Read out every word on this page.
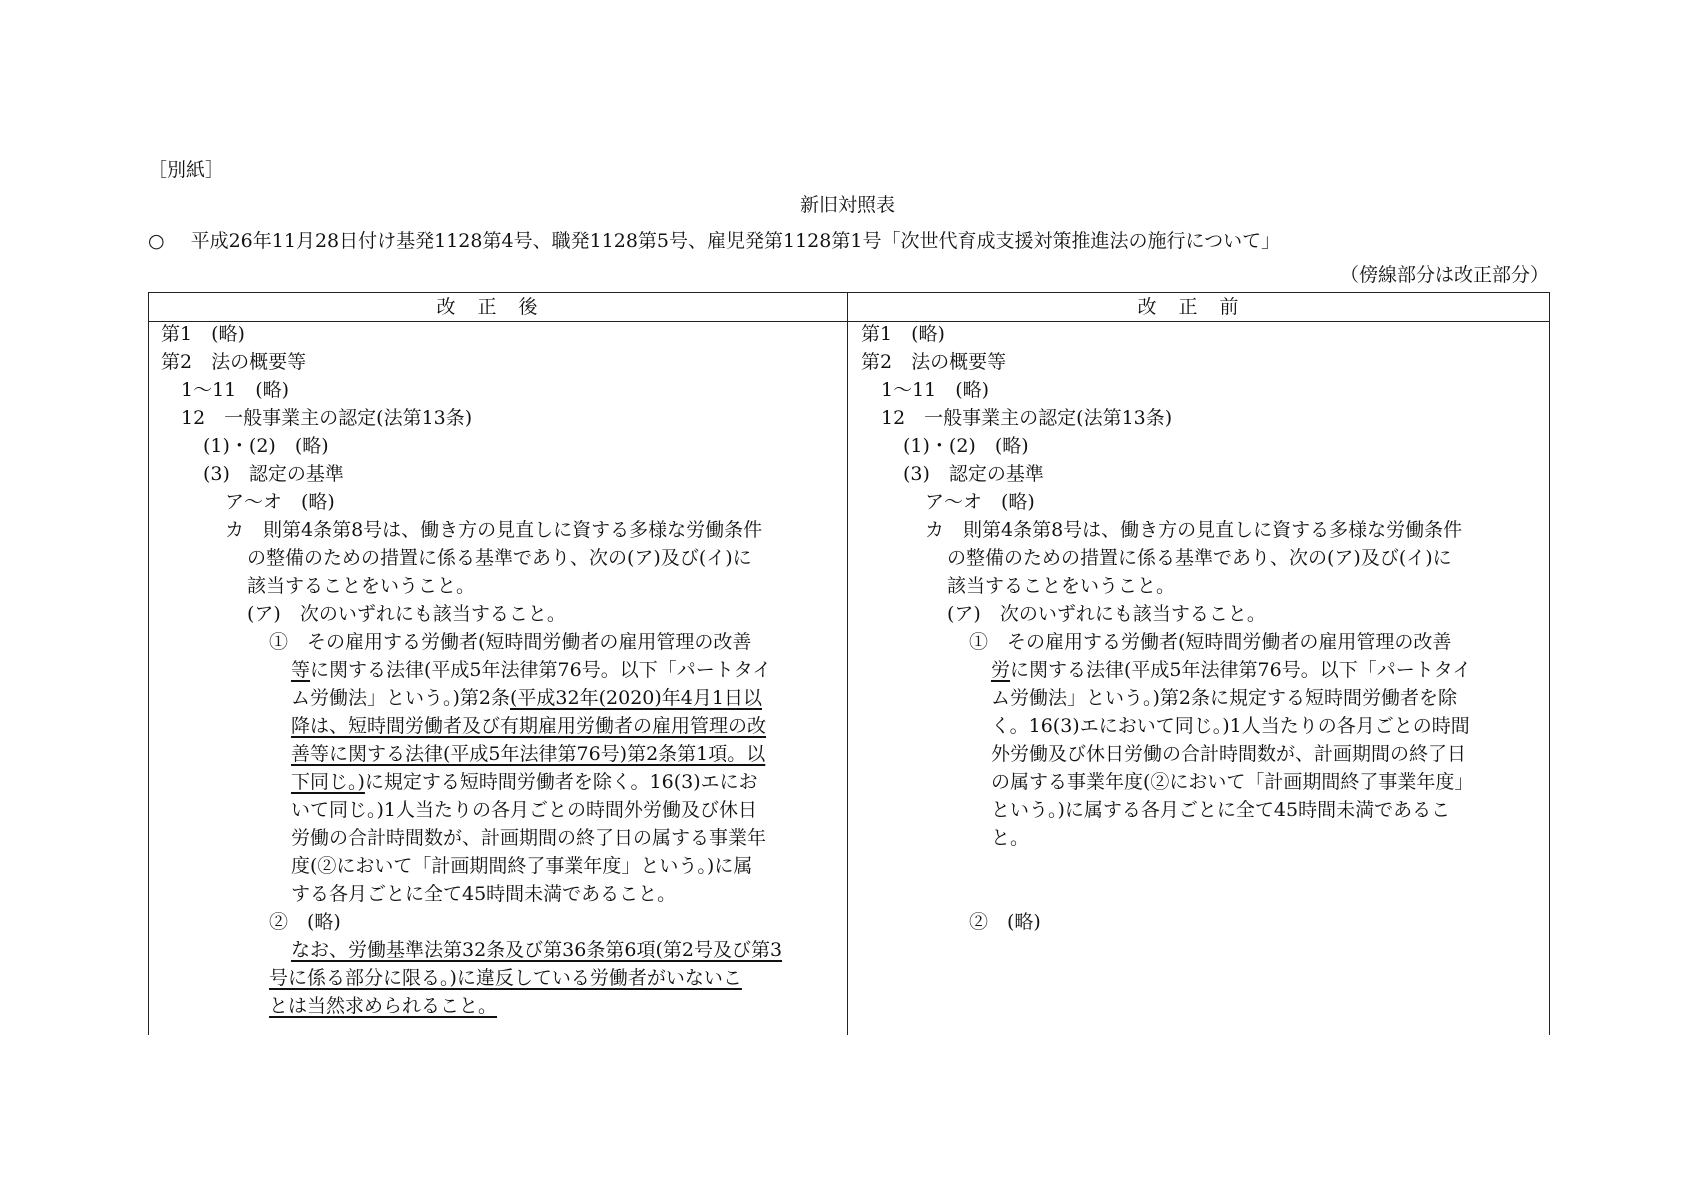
［別紙］
新旧対照表
○ 平成26年11月28日付け基発1128第4号、職発1128第5号、雇児発第1128第1号「次世代育成支援対策推進法の施行について」
（傍線部分は改正部分）
改正後	改正前
第1　(略)
第2　法の概要等
1～11　(略)
12　一般事業主の認定(法第13条)
(1)・(2)　(略)
(3)　認定の基準
ア～オ　(略)
カ　則第4条第8号は、働き方の見直しに資する多様な労働条件
の整備のための措置に係る基準であり、次の(ア)及び(イ)に
該当することをいうこと。
(ア)　次のいずれにも該当すること。
①　その雇用する労働者(短時間労働者の雇用管理の改善
等に関する法律(平成5年法律第76号。以下「パートタイ
ム労働法」という。)第2条(平成32年(2020)年4月1日以
降は、短時間労働者及び有期雇用労働者の雇用管理の改
善等に関する法律(平成5年法律第76号)第2条第1項。以
下同じ。)に規定する短時間労働者を除く。16(3)エにお
いて同じ。)1人当たりの各月ごとの時間外労働及び休日
労働の合計時間数が、計画期間の終了日の属する事業年
度(②において「計画期間終了事業年度」という。)に属
する各月ごとに全て45時間未満であること。
②　(略)
なお、労働基準法第32条及び第36条第6項(第2号及び第3
号に係る部分に限る。)に違反している労働者がいないこ
とは当然求められること。
第1　(略)
第2　法の概要等
1～11　(略)
12　一般事業主の認定(法第13条)
(1)・(2)　(略)
(3)　認定の基準
ア～オ　(略)
カ　則第4条第8号は、働き方の見直しに資する多様な労働条件
の整備のための措置に係る基準であり、次の(ア)及び(イ)に
該当することをいうこと。
(ア)　次のいずれにも該当すること。
①　その雇用する労働者(短時間労働者の雇用管理の改善
労に関する法律(平成5年法律第76号。以下「パートタイ
ム労働法」という。)第2条に規定する短時間労働者を除
く。16(3)エにおいて同じ。)1人当たりの各月ごとの時間
外労働及び休日労働の合計時間数が、計画期間の終了日
の属する事業年度(②において「計画期間終了事業年度」
という。)に属する各月ごとに全て45時間未満であるこ
と。
②　(略)
